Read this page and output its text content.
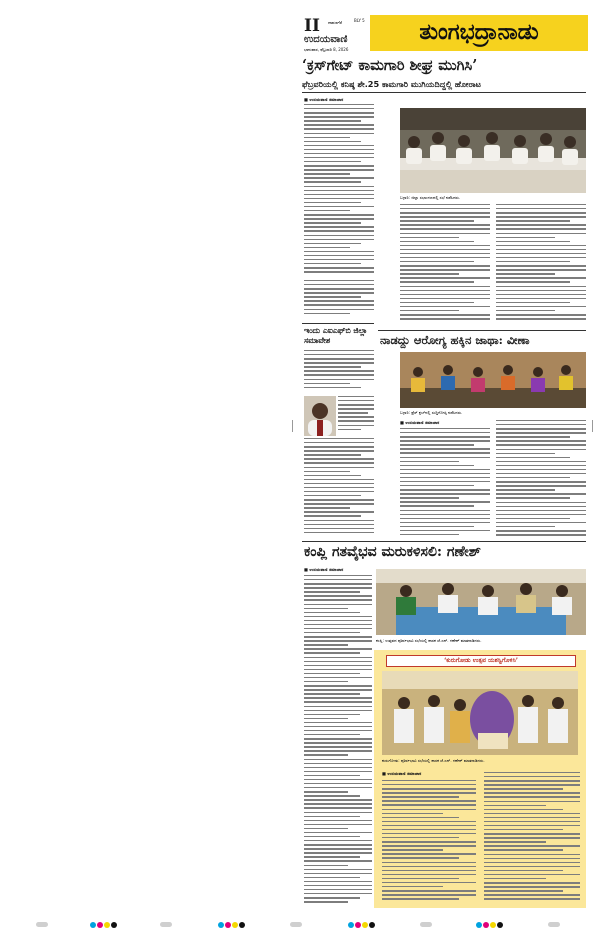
II ದಾವಣಗೆರೆ	BLY 5
ಉದಯವಾಣಿ
ಭಾನುವಾರ, ಫೆಬ್ರುವರಿ 8, 2026
ತುಂಗಭದ್ರಾನಾಡು
‘ಕ್ರಸ್‌ಗೇಟ್‌ ಕಾಮಗಾರಿ ಶೀಘ್ರ ಮುಗಿಸಿ’
ಫೆಬ್ರವರಿಯಲ್ಲಿ ಕನಿಷ್ಠ ಶೇ.25 ಕಾಮಗಾರಿ ಮುಗಿಯದಿದ್ದಲ್ಲಿ ಹೋರಾಟ
■ ಉದಯವಾಣಿ ಸಮಾಚಾರ
ಬಳ್ಳಾರಿ: ಜಿಲ್ಲಾ ಸಭಾಂಗಣದಲ್ಲಿ ಸಭೆ ನಡೆಸಿದರು.
ಇಂದು ಎಐಎಫ್‌ಬಿ ಜಿಲ್ಲಾ ಸಮಾವೇಶ	ನಾಡದ್ದು ಆರೋಗ್ಯ ಹಕ್ಕಿನ ಜಾಥಾ: ವೀಣಾ
ಬಳ್ಳಾರಿ: ಪ್ರೆಸ್ ಕ್ಲಬ್‌ನಲ್ಲಿ ಸುದ್ದಿಗೋಷ್ಠಿ ನಡೆಸಿದರು.
■ ಉದಯವಾಣಿ ಸಮಾಚಾರ
ಕಂಪ್ಲಿ ಗತವೈಭವ ಮರುಕಳಿಸಲಿ: ಗಣೇಶ್
■ ಉದಯವಾಣಿ ಸಮಾಚಾರ
ಕಂಪ್ಲಿ: ಉತ್ಸವದ ಪೂರ್ವಭಾವಿ ಸಭೆಯಲ್ಲಿ ಶಾಸಕ ಜೆ.ಎನ್. ಗಣೇಶ್ ಮಾತನಾಡಿದರು.
‘ಕುರುಗೋಡು ಉತ್ಸವ ಯಶಸ್ವಿಗೊಳಿಸಿ’
ಕುರುಗೋಡು: ಪೂರ್ವಭಾವಿ ಸಭೆಯಲ್ಲಿ ಶಾಸಕ ಜೆ.ಎನ್. ಗಣೇಶ್ ಮಾತನಾಡಿದರು.
■ ಉದಯವಾಣಿ ಸಮಾಚಾರ
